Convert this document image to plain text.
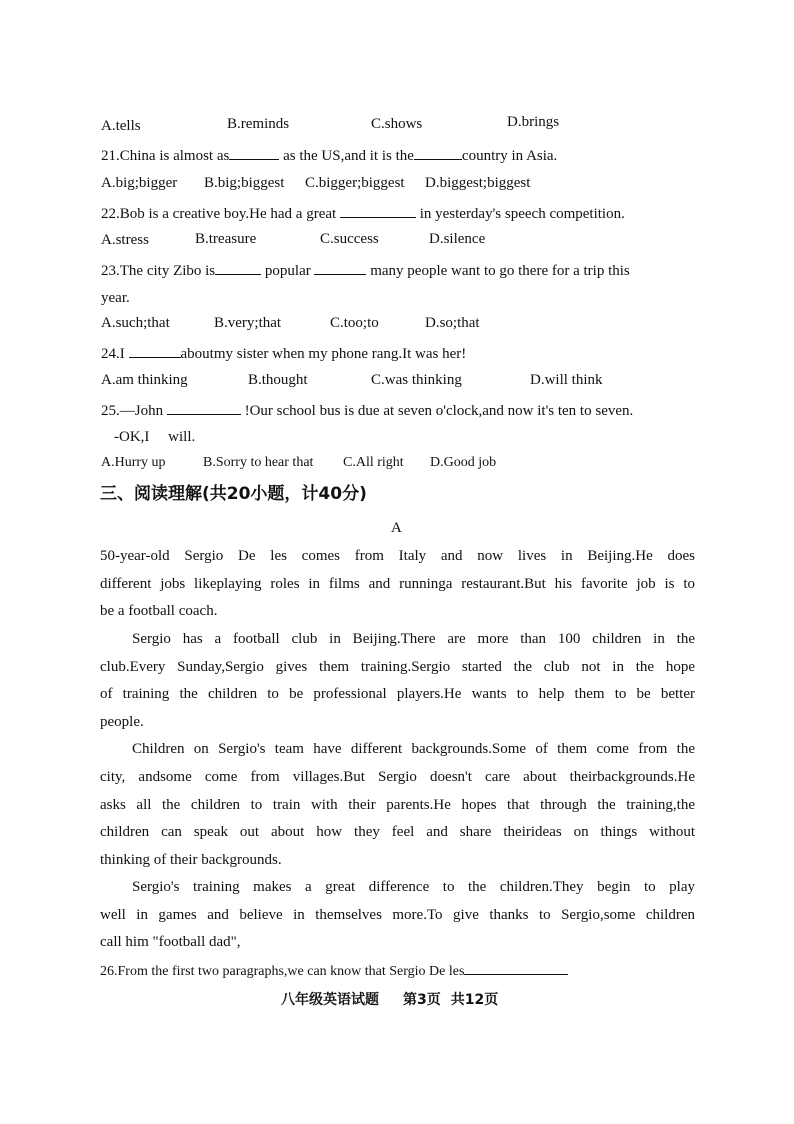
A.tells	B.reminds	C.shows	D.brings
21.China is almost as	as the US,and it is the	country in Asia.
A.big;bigger B.big;biggest C.bigger;biggest D.biggest;biggest
22.Bob is a creative boy.He had a great	in yesterday's speech competition.
A.stress	B.treasure	C.success	D.silence
23.The city Zibo is	popular	many people want to go there for a trip this
year.
A.such;that	B.very;that	C.too;to	D.so;that
24.I	aboutmy sister when my phone rang.It was her!
A.am thinking	B.thought	C.was thinking	D.will think
25.—John	!Our school bus is due at seven o'clock,and now it's ten to seven.
-OK,I     will.
A.Hurry up	B.Sorry to hear that C.All right D.Good job
三、阅读理解(共20小题，计40分)
A
50-year-old Sergio De les comes from Italy and now lives in Beijing.He does
different jobs likeplaying roles in films and runninga restaurant.But his favorite job is to
be a football coach.
Sergio has a football club in Beijing.There are more than 100 children in the
club.Every Sunday,Sergio gives them training.Sergio started the club not in the hope
of training the children to be professional players.He wants to help them to be better
people.
Children on Sergio's team have different backgrounds.Some of them come from the
city, andsome come from villages.But Sergio doesn't care about theirbackgrounds.He
asks all the children to train with their parents.He hopes that through the training,the
children can speak out about how they feel and share theirideas on things without
thinking of their backgrounds.
Sergio's training makes a great difference to the children.They begin to play
well in games and believe in themselves more.To give thanks to Sergio,some children
call him "football dad",
26.From the first two paragraphs,we can know that Sergio De les
八年级英语试题 第3页 共12页
